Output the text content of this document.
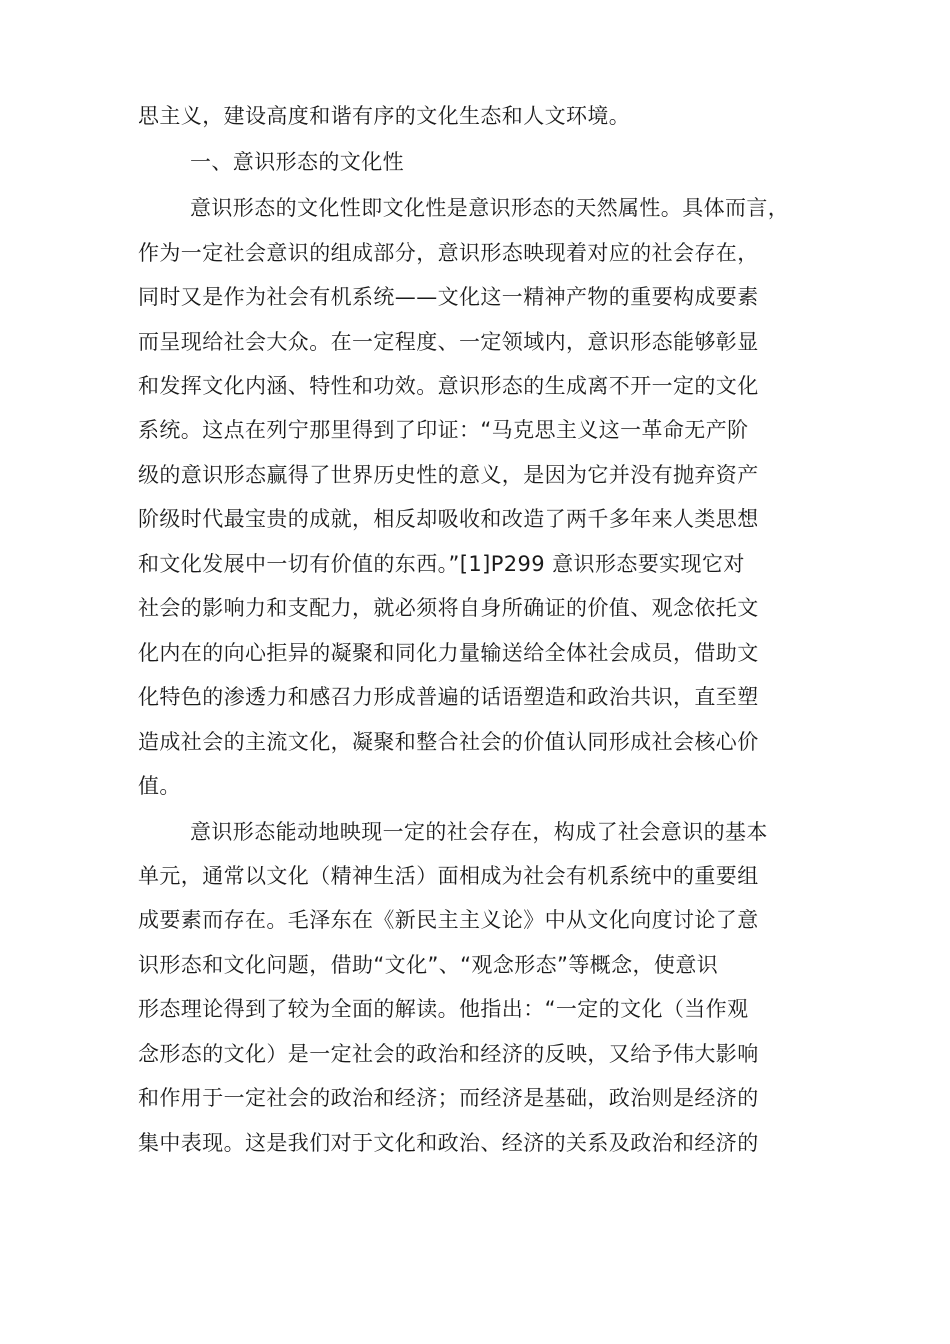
思主义，建设高度和谐有序的文化生态和人文环境。
一、意识形态的文化性
意识形态的文化性即文化性是意识形态的天然属性。具体而言，
作为一定社会意识的组成部分，意识形态映现着对应的社会存在，
同时又是作为社会有机系统——文化这一精神产物的重要构成要素
而呈现给社会大众。在一定程度、一定领域内，意识形态能够彰显
和发挥文化内涵、特性和功效。意识形态的生成离不开一定的文化
系统。这点在列宁那里得到了印证：“马克思主义这一革命无产阶
级的意识形态赢得了世界历史性的意义，是因为它并没有抛弃资产
阶级时代最宝贵的成就，相反却吸收和改造了两千多年来人类思想
和文化发展中一切有价值的东西。”[1]P299 意识形态要实现它对
社会的影响力和支配力，就必须将自身所确证的价值、观念依托文
化内在的向心拒异的凝聚和同化力量输送给全体社会成员，借助文
化特色的渗透力和感召力形成普遍的话语塑造和政治共识，直至塑
造成社会的主流文化，凝聚和整合社会的价值认同形成社会核心价
值。
意识形态能动地映现一定的社会存在，构成了社会意识的基本
单元，通常以文化（精神生活）面相成为社会有机系统中的重要组
成要素而存在。毛泽东在《新民主主义论》中从文化向度讨论了意
识形态和文化问题，借助“文化”、“观念形态”等概念，使意识
形态理论得到了较为全面的解读。他指出：“一定的文化（当作观
念形态的文化）是一定社会的政治和经济的反映，又给予伟大影响
和作用于一定社会的政治和经济；而经济是基础，政治则是经济的
集中表现。这是我们对于文化和政治、经济的关系及政治和经济的
